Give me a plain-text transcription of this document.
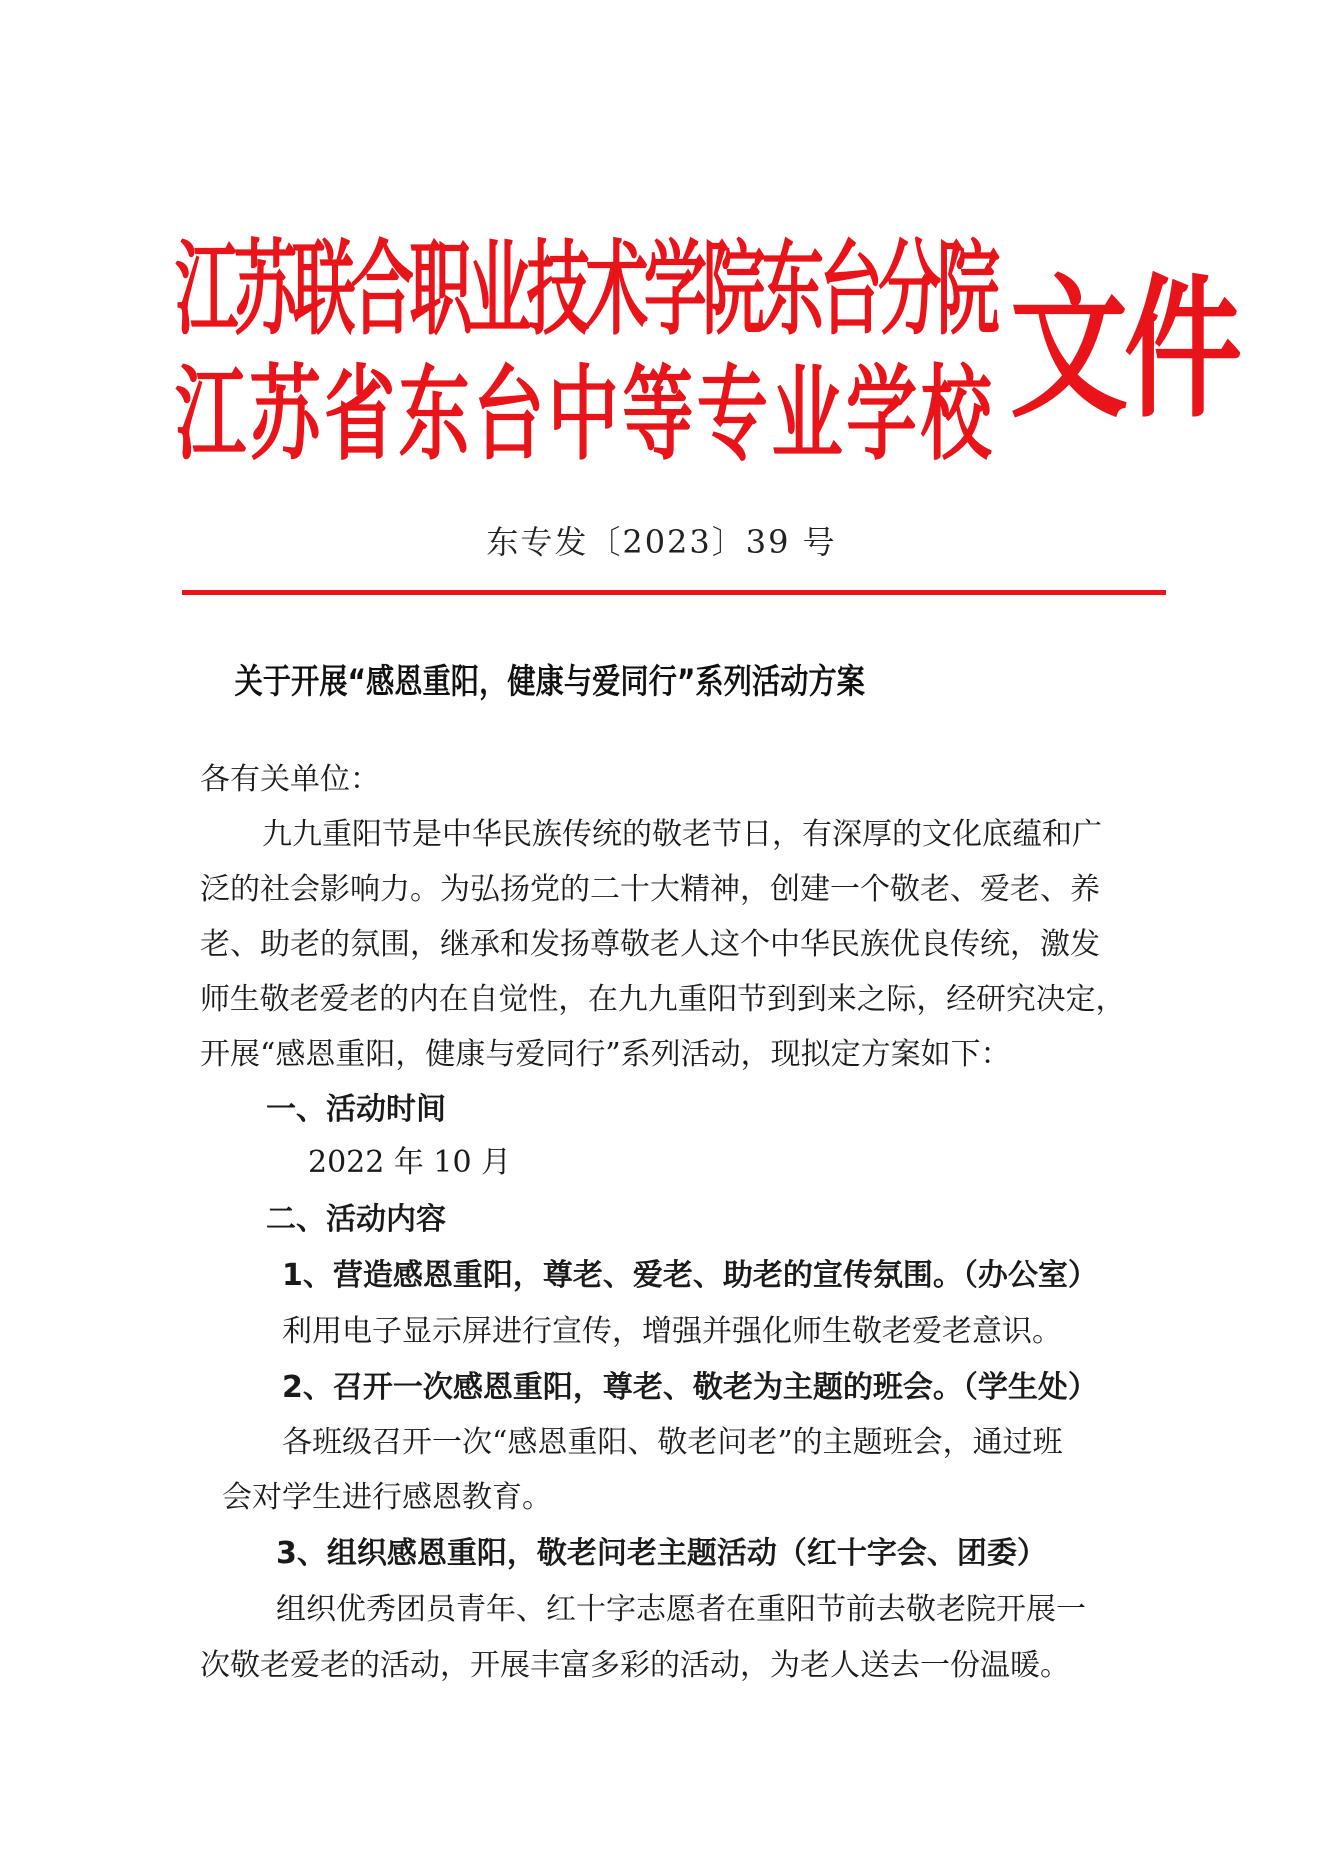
江苏联合职业技术学院东台分院
江苏省东台中等专业学校 文件
东专发〔2023〕39 号
关于开展“感恩重阳，健康与爱同行”系列活动方案
各有关单位：
九九重阳节是中华民族传统的敬老节日，有深厚的文化底蕴和广
泛的社会影响力。为弘扬党的二十大精神，创建一个敬老、爱老、养
老、助老的氛围，继承和发扬尊敬老人这个中华民族优良传统，激发
师生敬老爱老的内在自觉性，在九九重阳节到到来之际，经研究决定，
开展“感恩重阳，健康与爱同行”系列活动，现拟定方案如下：
一、活动时间
2022 年 10 月
二、活动内容
1、营造感恩重阳，尊老、爱老、助老的宣传氛围。（办公室）
利用电子显示屏进行宣传，增强并强化师生敬老爱老意识。
2、召开一次感恩重阳，尊老、敬老为主题的班会。（学生处）
各班级召开一次“感恩重阳、敬老问老”的主题班会，通过班
会对学生进行感恩教育。
3、组织感恩重阳，敬老问老主题活动（红十字会、团委）
组织优秀团员青年、红十字志愿者在重阳节前去敬老院开展一
次敬老爱老的活动，开展丰富多彩的活动，为老人送去一份温暖。
